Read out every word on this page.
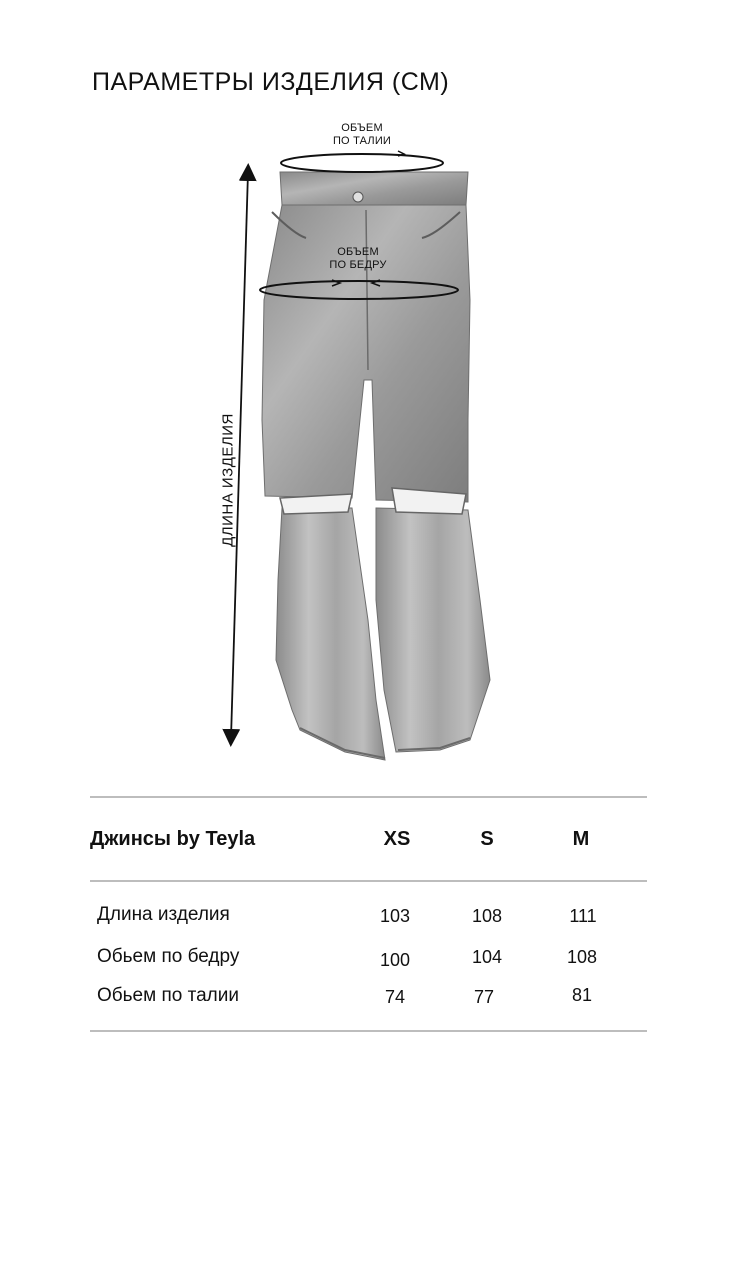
ПАРАМЕТРЫ ИЗДЕЛИЯ (СМ)
ОБЪЕМ
ПО ТАЛИИ
ОБЪЕМ
ПО БЕДРУ
ДЛИНА ИЗДЕЛИЯ
Джинсы by Teyla	XS	S	M
Длина изделия	103	108	111
Обьем по бедру	100	104	108
Обьем по талии	74	77	81
